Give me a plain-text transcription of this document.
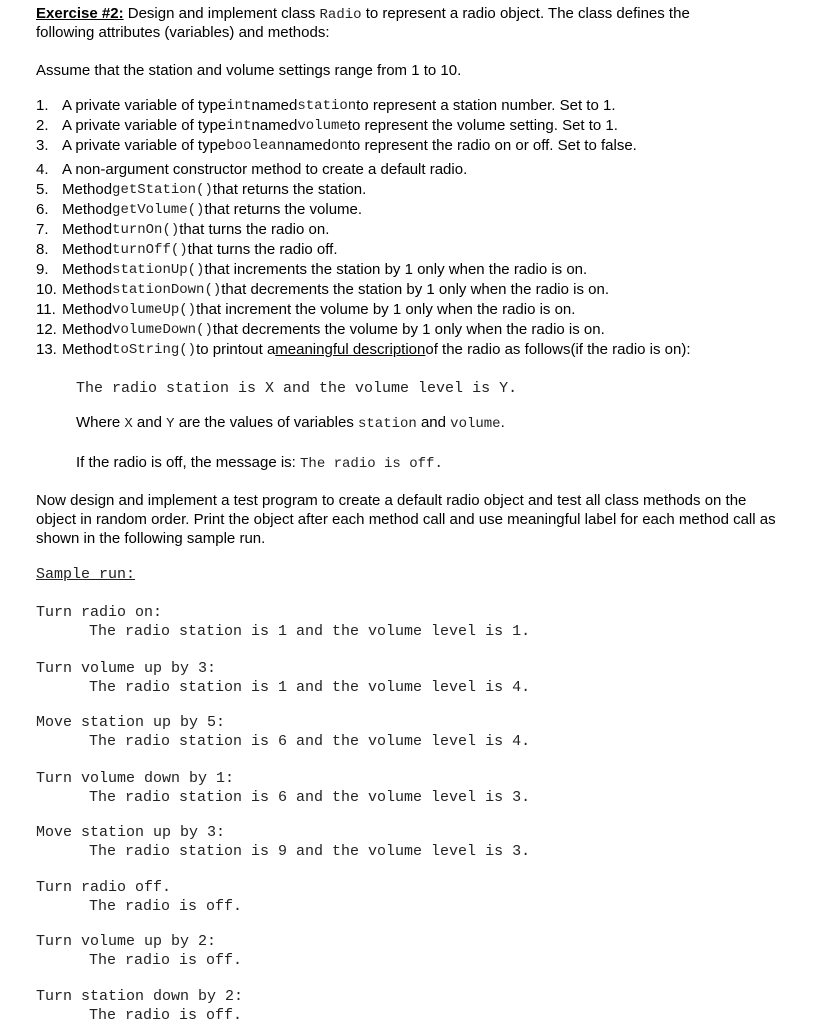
Exercise #2: Design and implement class Radio to represent a radio object. The class defines the
following attributes (variables) and methods:
Assume that the station and volume settings range from 1 to 10.
1. A private variable of type int named station to represent a station number. Set to 1.
2. A private variable of type int named volume to represent the volume setting. Set to 1.
3. A private variable of type boolean named on to represent the radio on or off. Set to false.
4. A non-argument constructor method to create a default radio.
5. Method getStation() that returns the station.
6. Method getVolume() that returns the volume.
7. Method turnOn() that turns the radio on.
8. Method turnOff() that turns the radio off.
9. Method stationUp() that increments the station by 1 only when the radio is on.
10. Method stationDown() that decrements the station by 1 only when the radio is on.
11. Method volumeUp() that increment the volume by 1 only when the radio is on.
12. Method volumeDown() that decrements the volume by 1 only when the radio is on.
13. Method toString() to printout a meaningful description of the radio as follows(if the radio is on):
The radio station is X and the volume level is Y.
Where X and Y are the values of variables station and volume.
If the radio is off, the message is: The radio is off.
Now design and implement a test program to create a default radio object and test all class methods on the object in random order. Print the object after each method call and use meaningful label for each method call as shown in the following sample run.
Sample run:
Turn radio on:
The radio station is 1 and the volume level is 1.
Turn volume up by 3:
The radio station is 1 and the volume level is 4.
Move station up by 5:
The radio station is 6 and the volume level is 4.
Turn volume down by 1:
The radio station is 6 and the volume level is 3.
Move station up by 3:
The radio station is 9 and the volume level is 3.
Turn radio off.
The radio is off.
Turn volume up by 2:
The radio is off.
Turn station down by 2:
The radio is off.
